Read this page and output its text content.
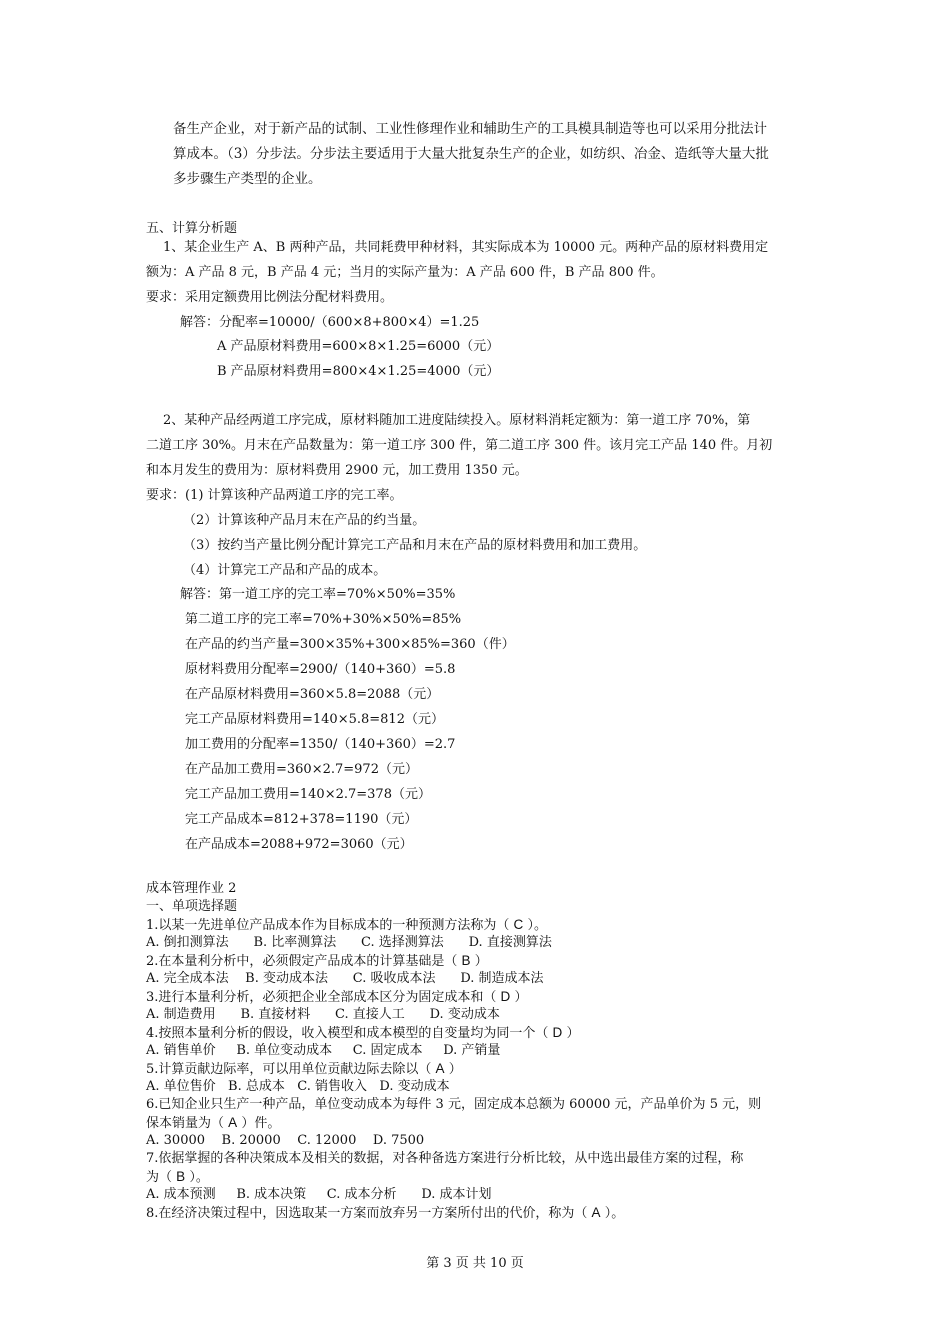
备生产企业，对于新产品的试制、工业性修理作业和辅助生产的工具模具制造等也可以采用分批法计
算成本。（3）分步法。分步法主要适用于大量大批复杂生产的企业，如纺织、冶金、造纸等大量大批
多步骤生产类型的企业。
五、计算分析题
1、某企业生产 A、B 两种产品，共同耗费甲种材料，其实际成本为 10000 元。两种产品的原材料费用定
额为：A 产品 8 元，B 产品 4 元；当月的实际产量为：A 产品 600 件，B 产品 800 件。
要求：采用定额费用比例法分配材料费用。
解答：分配率=10000/（600×8+800×4）=1.25
A 产品原材料费用=600×8×1.25=6000（元）
B 产品原材料费用=800×4×1.25=4000（元）
2、某种产品经两道工序完成，原材料随加工进度陆续投入。原材料消耗定额为：第一道工序 70%，第
二道工序 30%。月末在产品数量为：第一道工序 300 件，第二道工序 300 件。该月完工产品 140 件。月初
和本月发生的费用为：原材料费用 2900 元，加工费用 1350 元。
要求：(1) 计算该种产品两道工序的完工率。
（2）计算该种产品月末在产品的约当量。
（3）按约当产量比例分配计算完工产品和月末在产品的原材料费用和加工费用。
（4）计算完工产品和产品的成本。
解答：第一道工序的完工率=70%×50%=35%
第二道工序的完工率=70%+30%×50%=85%
在产品的约当产量=300×35%+300×85%=360（件）
原材料费用分配率=2900/（140+360）=5.8
在产品原材料费用=360×5.8=2088（元）
完工产品原材料费用=140×5.8=812（元）
加工费用的分配率=1350/（140+360）=2.7
在产品加工费用=360×2.7=972（元）
完工产品加工费用=140×2.7=378（元）
完工产品成本=812+378=1190（元）
在产品成本=2088+972=3060（元）
成本管理作业 2
一、单项选择题
1.以某一先进单位产品成本作为目标成本的一种预测方法称为（ C ）。
A. 倒扣测算法      B. 比率测算法      C. 选择测算法      D. 直接测算法
2.在本量利分析中，必须假定产品成本的计算基础是（ B ）
A. 完全成本法    B. 变动成本法      C. 吸收成本法      D. 制造成本法
3.进行本量利分析，必须把企业全部成本区分为固定成本和（ D ）
A. 制造费用      B. 直接材料      C. 直接人工      D. 变动成本
4.按照本量利分析的假设，收入模型和成本模型的自变量均为同一个（ D ）
A. 销售单价     B. 单位变动成本     C. 固定成本     D. 产销量
5.计算贡献边际率，可以用单位贡献边际去除以（ A ）
A. 单位售价   B. 总成本   C. 销售收入   D. 变动成本
6.已知企业只生产一种产品，单位变动成本为每件 3 元，固定成本总额为 60000 元，产品单价为 5 元，则
保本销量为（ A ）件。
A. 30000    B. 20000    C. 12000    D. 7500
7.依据掌握的各种决策成本及相关的数据，对各种备选方案进行分析比较，从中选出最佳方案的过程，称
为（ B ）。
A. 成本预测     B. 成本决策     C. 成本分析      D. 成本计划
8.在经济决策过程中，因选取某一方案而放弃另一方案所付出的代价，称为（ A ）。
第 3 页 共 10 页
